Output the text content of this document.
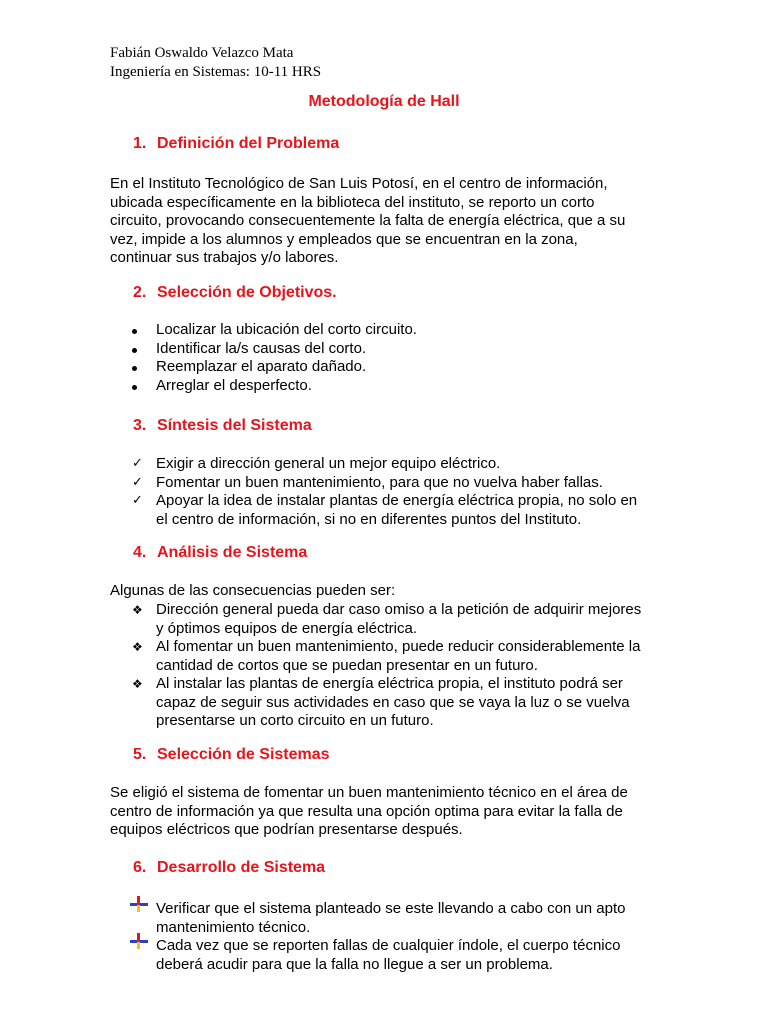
Fabián Oswaldo Velazco Mata
Ingeniería en Sistemas: 10-11 HRS
Metodología de Hall
1. Definición del Problema
En el Instituto Tecnológico de San Luis Potosí, en el centro de información,
ubicada específicamente en la biblioteca del instituto, se reporto un corto
circuito, provocando consecuentemente la falta de energía eléctrica, que a su
vez, impide a los alumnos y empleados que se encuentran en la zona,
continuar sus trabajos y/o labores.
2. Selección de Objetivos.
Localizar la ubicación del corto circuito.
Identificar la/s causas del corto.
Reemplazar el aparato dañado.
Arreglar el desperfecto.
3. Síntesis del Sistema
✓ Exigir a dirección general un mejor equipo eléctrico.
✓ Fomentar un buen mantenimiento, para que no vuelva haber fallas.
✓ Apoyar la idea de instalar plantas de energía eléctrica propia, no solo en
el centro de información, si no en diferentes puntos del Instituto.
4. Análisis de Sistema
Algunas de las consecuencias pueden ser:
❖ Dirección general pueda dar caso omiso a la petición de adquirir mejores
y óptimos equipos de energía eléctrica.
❖ Al fomentar un buen mantenimiento, puede reducir considerablemente la
cantidad de cortos que se puedan presentar en un futuro.
❖ Al instalar las plantas de energía eléctrica propia, el instituto podrá ser
capaz de seguir sus actividades en caso que se vaya la luz o se vuelva
presentarse un corto circuito en un futuro.
5. Selección de Sistemas
Se eligió el sistema de fomentar un buen mantenimiento técnico en el área de
centro de información ya que resulta una opción optima para evitar la falla de
equipos eléctricos que podrían presentarse después.
6. Desarrollo de Sistema
Verificar que el sistema planteado se este llevando a cabo con un apto
mantenimiento técnico.
Cada vez que se reporten fallas de cualquier índole, el cuerpo técnico
deberá acudir para que la falla no llegue a ser un problema.
